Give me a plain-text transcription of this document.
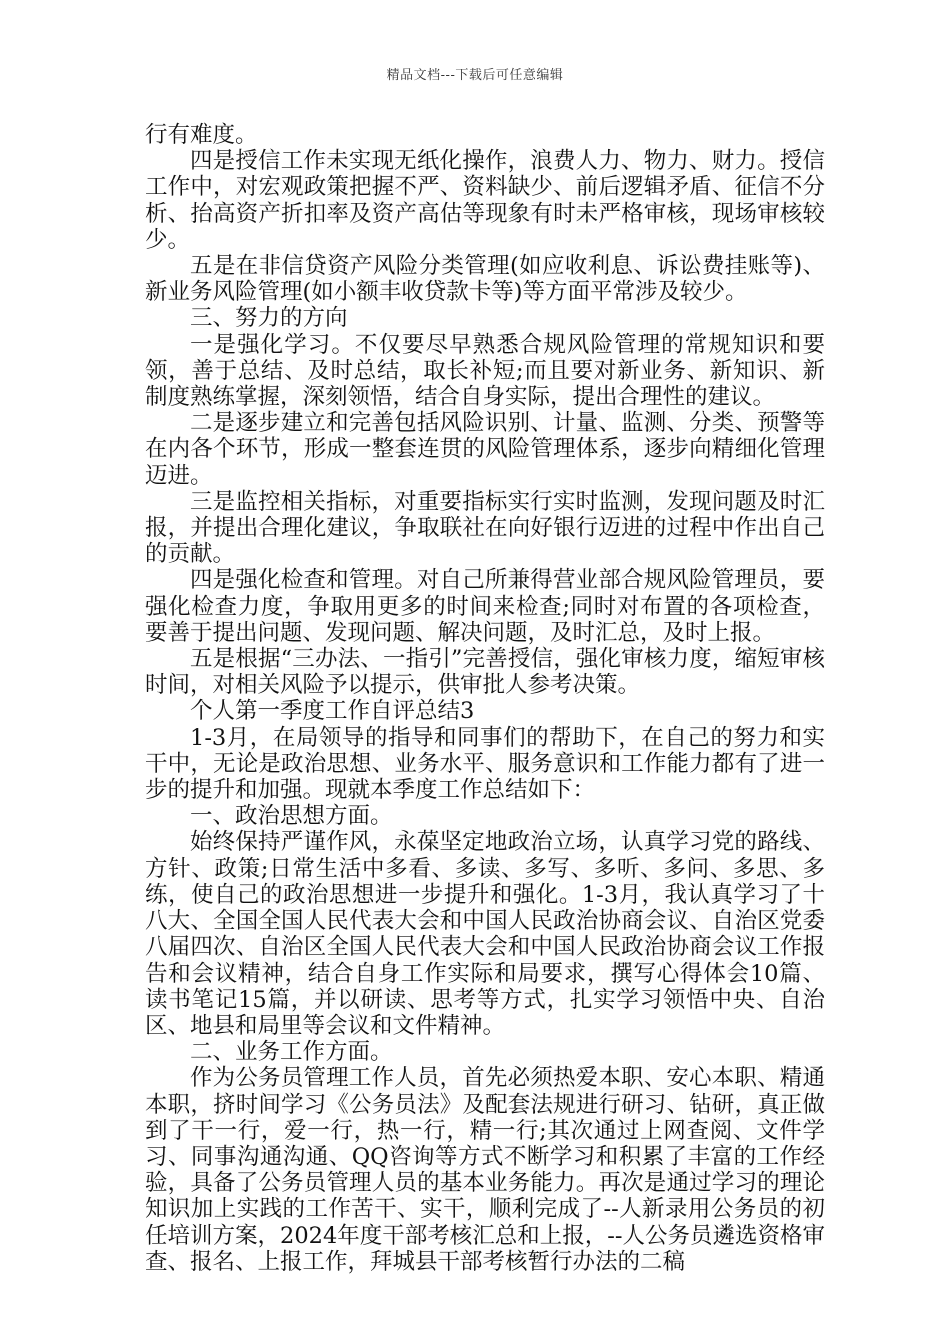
精品文档---下载后可任意编辑

行有难度。

四是授信工作未实现无纸化操作，浪费人力、物力、财力。授信工作中，对宏观政策把握不严、资料缺少、前后逻辑矛盾、征信不分析、抬高资产折扣率及资产高估等现象有时未严格审核，现场审核较少。

五是在非信贷资产风险分类管理(如应收利息、诉讼费挂账等)、新业务风险管理(如小额丰收贷款卡等)等方面平常涉及较少。

三、努力的方向

一是强化学习。不仅要尽早熟悉合规风险管理的常规知识和要领，善于总结、及时总结，取长补短;而且要对新业务、新知识、新制度熟练掌握，深刻领悟，结合自身实际，提出合理性的建议。

二是逐步建立和完善包括风险识别、计量、监测、分类、预警等在内各个环节，形成一整套连贯的风险管理体系，逐步向精细化管理迈进。

三是监控相关指标，对重要指标实行实时监测，发现问题及时汇报，并提出合理化建议，争取联社在向好银行迈进的过程中作出自己的贡献。

四是强化检查和管理。对自己所兼得营业部合规风险管理员，要强化检查力度，争取用更多的时间来检查;同时对布置的各项检查，要善于提出问题、发现问题、解决问题，及时汇总，及时上报。

五是根据“三办法、一指引”完善授信，强化审核力度，缩短审核时间，对相关风险予以提示，供审批人参考决策。

个人第一季度工作自评总结3

1-3月，在局领导的指导和同事们的帮助下，在自己的努力和实干中，无论是政治思想、业务水平、服务意识和工作能力都有了进一步的提升和加强。现就本季度工作总结如下：

一、政治思想方面。

始终保持严谨作风，永葆坚定地政治立场，认真学习党的路线、方针、政策;日常生活中多看、多读、多写、多听、多问、多思、多练，使自己的政治思想进一步提升和强化。1-3月，我认真学习了十八大、全国全国人民代表大会和中国人民政治协商会议、自治区党委八届四次、自治区全国人民代表大会和中国人民政治协商会议工作报告和会议精神，结合自身工作实际和局要求，撰写心得体会10篇、读书笔记15篇，并以研读、思考等方式，扎实学习领悟中央、自治区、地县和局里等会议和文件精神。

二、业务工作方面。

作为公务员管理工作人员，首先必须热爱本职、安心本职、精通本职，挤时间学习《公务员法》及配套法规进行研习、钻研，真正做到了干一行，爱一行，热一行，精一行;其次通过上网查阅、文件学习、同事沟通沟通、QQ咨询等方式不断学习和积累了丰富的工作经验，具备了公务员管理人员的基本业务能力。再次是通过学习的理论知识加上实践的工作苦干、实干，顺利完成了--人新录用公务员的初任培训方案，2024年度干部考核汇总和上报，--人公务员遴选资格审查、报名、上报工作，拜城县干部考核暂行办法的二稿
